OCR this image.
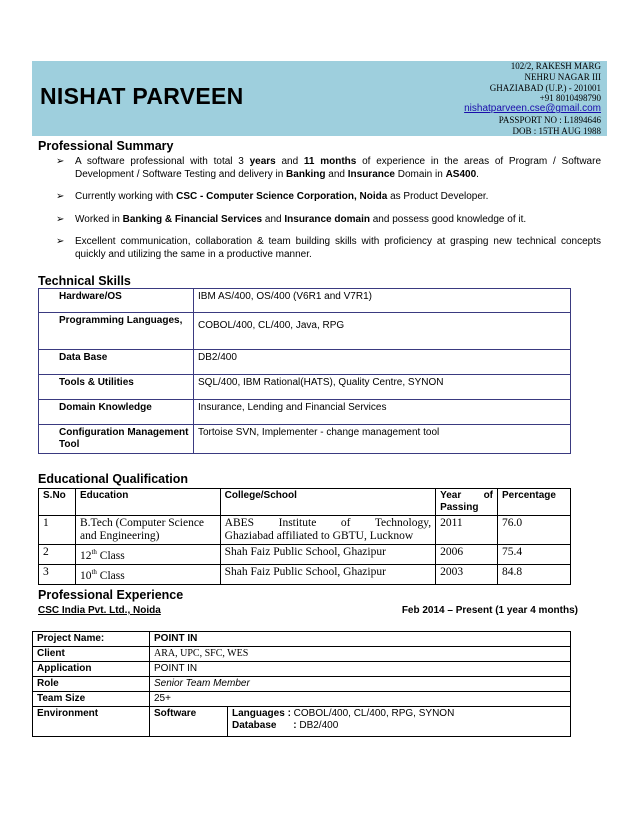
NISHAT PARVEEN
102/2, RAKESH MARG
NEHRU NAGAR III
GHAZIABAD (U.P.) - 201001
+91 8010498790
nishatparveen.cse@gmail.com
PASSPORT NO : L1894646
DOB : 15TH AUG 1988
Professional Summary
➢ A software professional with total 3 years and 11 months of experience in the areas of Program / Software Development / Software Testing and delivery in Banking and Insurance Domain in AS400.
➢ Currently working with CSC - Computer Science Corporation, Noida as Product Developer.
➢ Worked in Banking & Financial Services and Insurance domain and possess good knowledge of it.
➢ Excellent communication, collaboration & team building skills with proficiency at grasping new technical concepts quickly and utilizing the same in a productive manner.
Technical Skills
Hardware/OS	IBM AS/400, OS/400 (V6R1 and V7R1)
Programming Languages,	COBOL/400, CL/400, Java, RPG
Data Base	DB2/400
Tools & Utilities	SQL/400, IBM Rational(HATS), Quality Centre, SYNON
Domain Knowledge	Insurance, Lending and Financial Services
Configuration Management Tool	Tortoise SVN, Implementer - change management tool
Educational Qualification
S.No	Education	College/School	Year of
Passing	Percentage
1	B.Tech (Computer Science and Engineering)	ABES Institute of Technology,
Ghaziabad affiliated to GBTU, Lucknow	2011	76.0
2	12th Class	Shah Faiz Public School, Ghazipur	2006	75.4
3	10th Class	Shah Faiz Public School, Ghazipur	2003	84.8
Professional Experience
CSC India Pvt. Ltd., Noida	Feb 2014 – Present (1 year 4 months)
Project Name:	POINT IN	
Client	ARA, UPC, SFC, WES	
Application	POINT IN	
Role	Senior Team Member	
Team Size	25+	
Environment	Software	Languages : COBOL/400, CL/400, RPG, SYNON
Database : DB2/400
